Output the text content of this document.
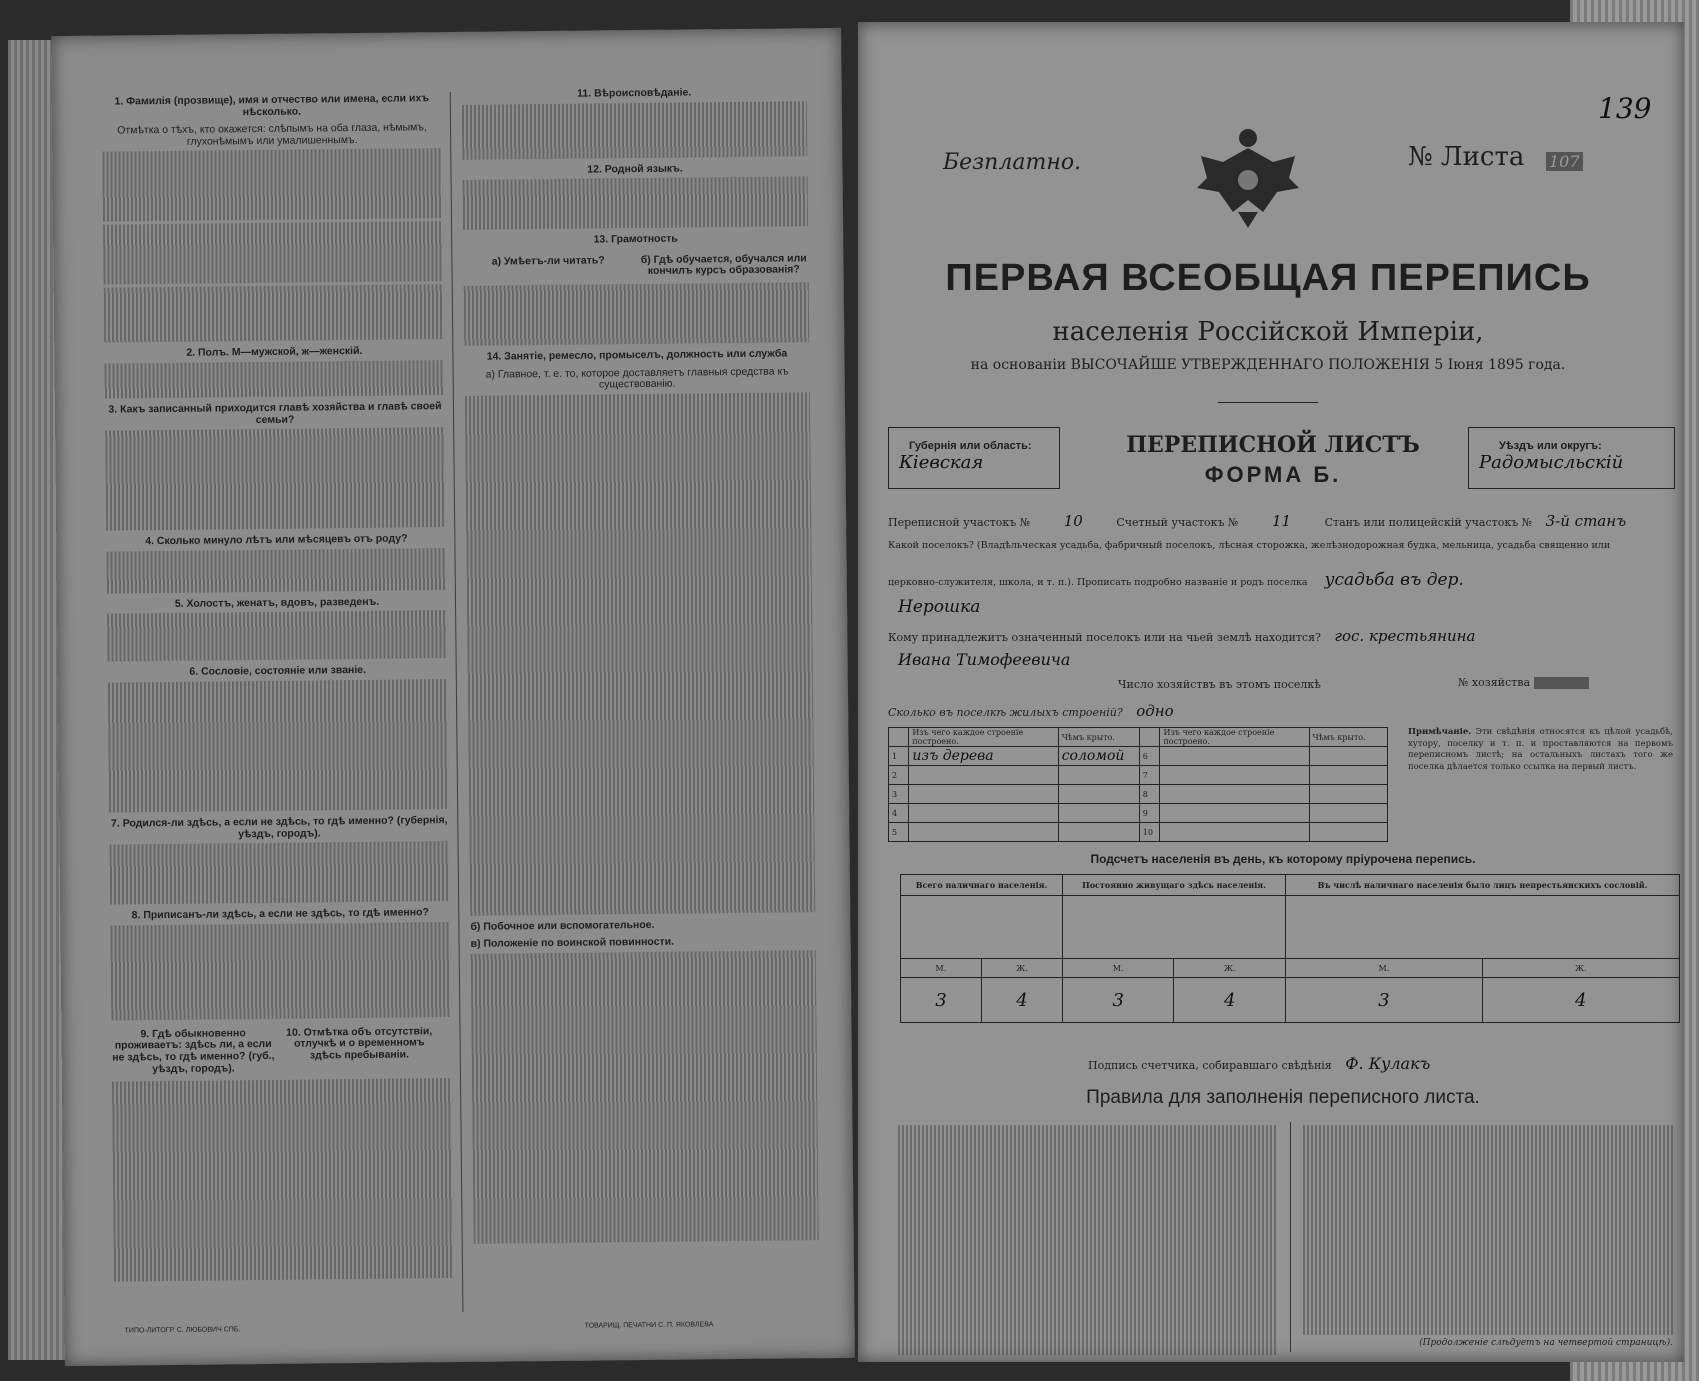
1. Фамилія (прозвище), имя и отчество или имена, если ихъ нѣсколько.
Отмѣтка о тѣхъ, кто окажется: слѣпымъ на оба глаза, нѣмымъ, глухонѣмымъ или умалишеннымъ.
2. Полъ. М—мужской, ж—женскій.
3. Какъ записанный приходится главѣ хозяйства и главѣ своей семьи?
4. Сколько минуло лѣтъ или мѣсяцевъ отъ роду?
5. Холостъ, женатъ, вдовъ, разведенъ.
6. Сословіе, состояніе или званіе.
7. Родился-ли здѣсь, а если не здѣсь, то гдѣ именно? (губернія, уѣздъ, городъ).
8. Приписанъ-ли здѣсь, а если не здѣсь, то гдѣ именно?
9. Гдѣ обыкновенно проживаетъ: здѣсь ли, а если не здѣсь, то гдѣ именно? (губ., уѣздъ, городъ). 10. Отмѣтка объ отсутствіи, отлучкѣ и о временномъ здѣсь пребываніи.
11. Вѣроисповѣданіе.
12. Родной языкъ.
13. Грамотность
а) Умѣетъ-ли читать?	б) Гдѣ обучается, обучался или кончилъ курсъ образованія?
14. Занятіе, ремесло, промыселъ, должность или служба
а) Главное, т. е. то, которое доставляетъ главныя средства къ существованію.
б) Побочное или вспомогательное.
в) Положеніе по воинской повинности.
ТИПО-ЛИТОГР. С. ЛЮБОВИЧ СПБ.
ТОВАРИЩ. ПЕЧАТНИ С. П. ЯКОВЛЕВА
139
Безплатно.	№ Листа 107
ПЕРВАЯ ВСЕОБЩАЯ ПЕРЕПИСЬ
населенія Россійской Имперіи,
на основаніи ВЫСОЧАЙШЕ УТВЕРЖДЕННАГО ПОЛОЖЕНІЯ 5 Іюня 1895 года.
Губернія или область:
Кіевская
ПЕРЕПИСНОЙ ЛИСТЪ
ФОРМА Б.
Уѣздъ или округъ:
Радомысльскій
Переписной участокъ № 10	Счетный участокъ № 11	Станъ или полицейскій участокъ № 3-й станъ
Какой поселокъ? (Владѣльческая усадьба, фабричный поселокъ, лѣсная сторожка, желѣзнодорожная будка, мельница, усадьба священно или
церковно-служителя, школа, и т. п.). Прописать подробно названіе и родъ поселка усадьба въ дер.
Нерошка
Кому принадлежитъ означенный поселокъ или на чьей землѣ находится? гос. крестьянина
Ивана Тимофеевича
Число хозяйствъ въ этомъ поселкѣ	№ хозяйства
Сколько въ поселкѣ жилыхъ строеній? одно
	Изъ чего каждое строеніе построено.	Чѣмъ крыто.		Изъ чего каждое строеніе построено.	Чѣмъ крыто.
1	изъ дерева	соломой	6		
2			7		
3			8		
4			9		
5			10		
Примѣчаніе. Эти свѣдѣнія относятся къ цѣлой усадьбѣ, хутору, поселку и т. п. и проставляются на первомъ переписномъ листѣ; на остальныхъ листахъ того же поселка дѣлается только ссылка на первый листъ.
Подсчетъ населенія въ день, къ которому пріурочена перепись.
Всего наличнаго населенія.		Постоянно живущаго здѣсь населенія.		Въ числѣ наличнаго населенія было лицъ непрестьянскихъ сословій.	

М.	Ж.	М.	Ж.	М.	Ж.
3	4	3	4	3	4
Подпись счетчика, собиравшаго свѣдѣнія Ф. Кулакъ
Правила для заполненія переписного листа.
(Продолженіе слѣдуетъ на четвертой страницѣ).
